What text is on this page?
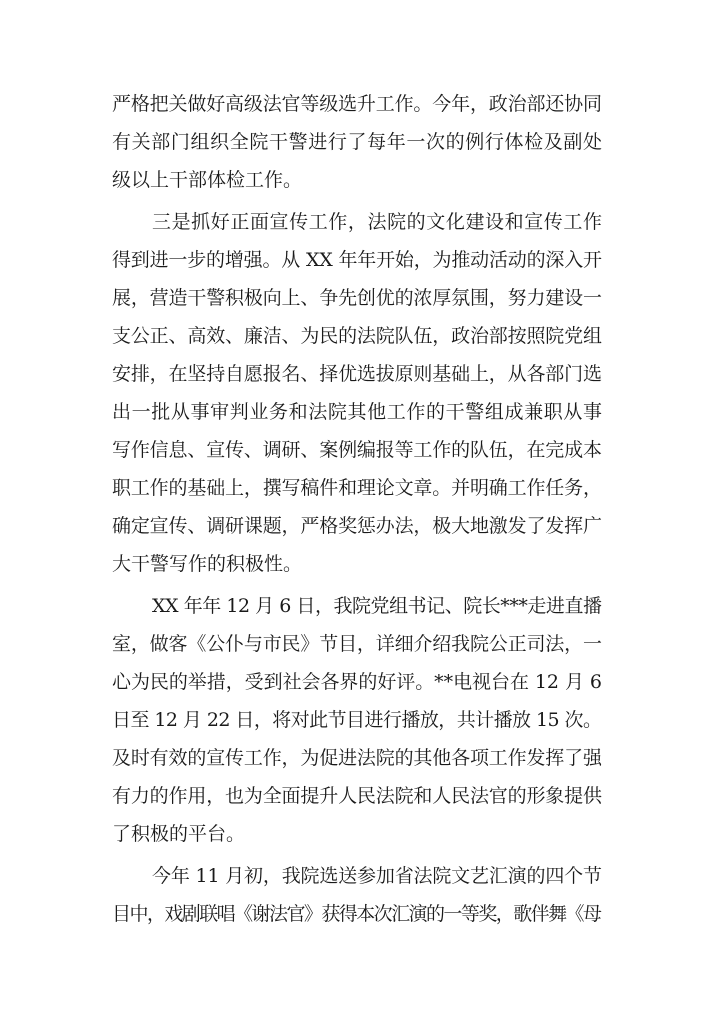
严格把关做好高级法官等级选升工作。今年，政治部还协同
有关部门组织全院干警进行了每年一次的例行体检及副处
级以上干部体检工作。
三是抓好正面宣传工作，法院的文化建设和宣传工作
得到进一步的增强。从 XX 年年开始，为推动活动的深入开
展，营造干警积极向上、争先创优的浓厚氛围，努力建设一
支公正、高效、廉洁、为民的法院队伍，政治部按照院党组
安排，在坚持自愿报名、择优选拔原则基础上，从各部门选
出一批从事审判业务和法院其他工作的干警组成兼职从事
写作信息、宣传、调研、案例编报等工作的队伍，在完成本
职工作的基础上，撰写稿件和理论文章。并明确工作任务，
确定宣传、调研课题，严格奖惩办法，极大地激发了发挥广
大干警写作的积极性。
XX 年年 12 月 6 日，我院党组书记、院长***走进直播
室，做客《公仆与市民》节目，详细介绍我院公正司法，一
心为民的举措，受到社会各界的好评。**电视台在 12 月 6
日至 12 月 22 日，将对此节目进行播放，共计播放 15 次。
及时有效的宣传工作，为促进法院的其他各项工作发挥了强
有力的作用，也为全面提升人民法院和人民法官的形象提供
了积极的平台。
今年 11 月初，我院选送参加省法院文艺汇演的四个节
目中，戏剧联唱《谢法官》获得本次汇演的一等奖，歌伴舞《母
